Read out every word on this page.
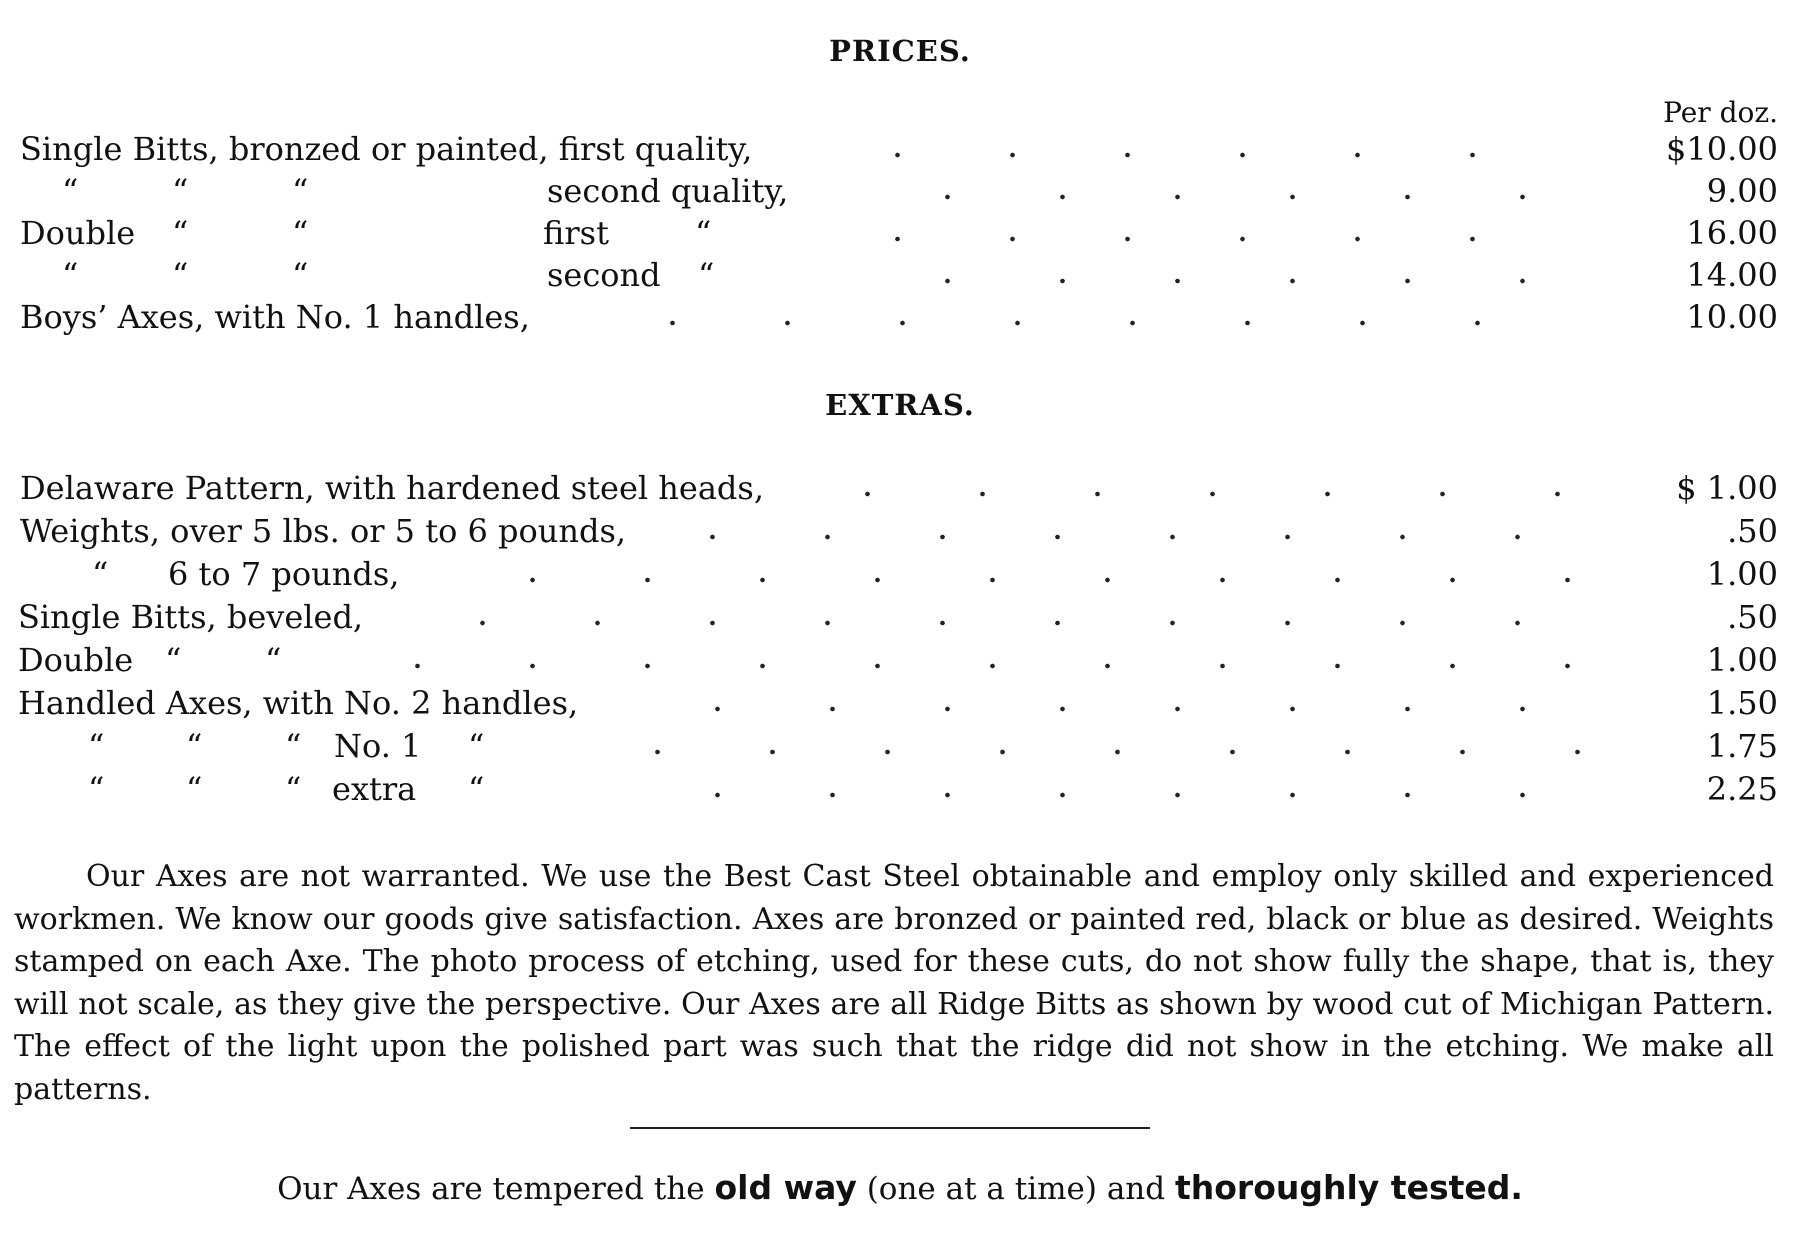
PRICES.
Per doz.
Single Bitts, bronzed or painted, first quality,	$10.00
“	“	“	second quality,	9.00
Double “	“	first	“	16.00
“	“	“	second “	14.00
Boys’ Axes, with No. 1 handles,	10.00
EXTRAS.
Delaware Pattern, with hardened steel heads,	$ 1.00
Weights, over 5 lbs. or 5 to 6 pounds,	.50
“ 6 to 7 pounds,	1.00
Single Bitts, beveled,	.50
Double “	“	1.00
Handled Axes, with No. 2 handles,	1.50
“	“	“ No. 1 “	1.75
“	“	“ extra “	2.25

Our Axes are not warranted. We use the Best Cast Steel obtainable and employ only skilled and experienced workmen. We know our goods give satisfaction. Axes are bronzed or painted red, black or blue as desired. Weights stamped on each Axe. The photo process of etching, used for these cuts, do not show fully the shape, that is, they will not scale, as they give the perspective. Our Axes are all Ridge Bitts as shown by wood cut of Michigan Pattern. The effect of the light upon the polished part was such that the ridge did not show in the etching. We make all patterns.

Our Axes are tempered the old way (one at a time) and thoroughly tested.
